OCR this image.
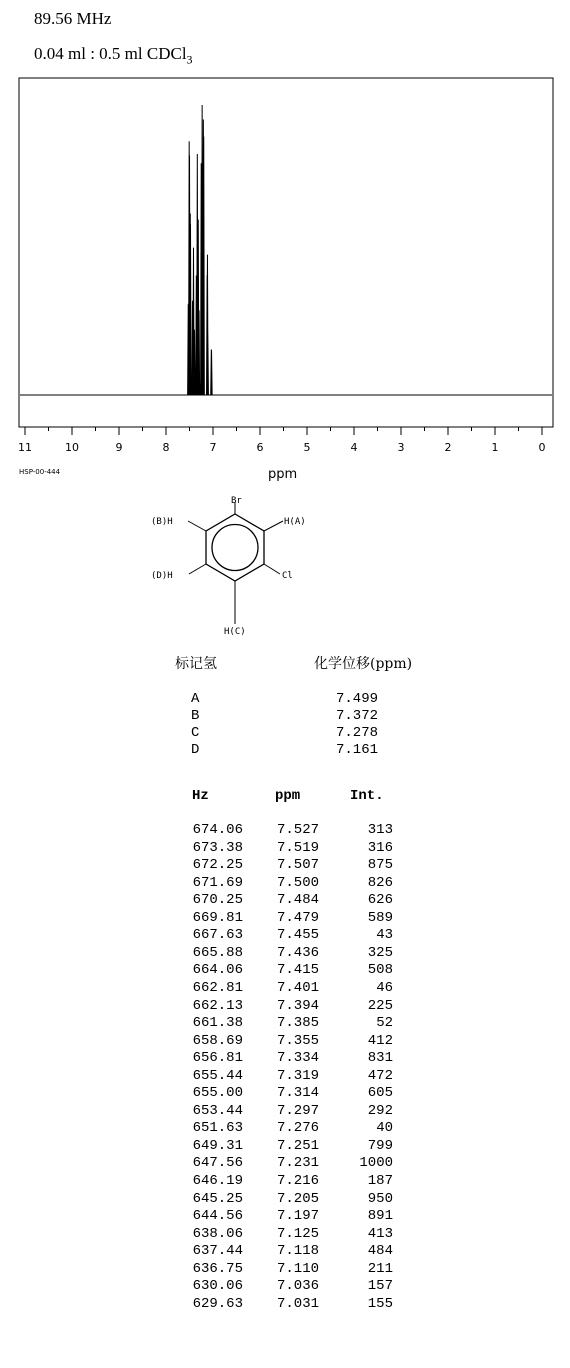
89.56 MHz
0.04 ml : 0.5 ml CDCl$_3$
11	10	9	8	7	6	5	4	3	2	1	0
HSP-00-444	ppm
Br
(B)H	H(A)
(D)H	Cl
H(C)
标记氢	化学位移(ppm)
A	7.499
B	7.372
C	7.278
D	7.161
Hz	ppm	Int.
674.06	7.527	313
673.38	7.519	316
672.25	7.507	875
671.69	7.500	826
670.25	7.484	626
669.81	7.479	589
667.63	7.455	43
665.88	7.436	325
664.06	7.415	508
662.81	7.401	46
662.13	7.394	225
661.38	7.385	52
658.69	7.355	412
656.81	7.334	831
655.44	7.319	472
655.00	7.314	605
653.44	7.297	292
651.63	7.276	40
649.31	7.251	799
647.56	7.231	1000
646.19	7.216	187
645.25	7.205	950
644.56	7.197	891
638.06	7.125	413
637.44	7.118	484
636.75	7.110	211
630.06	7.036	157
629.63	7.031	155
